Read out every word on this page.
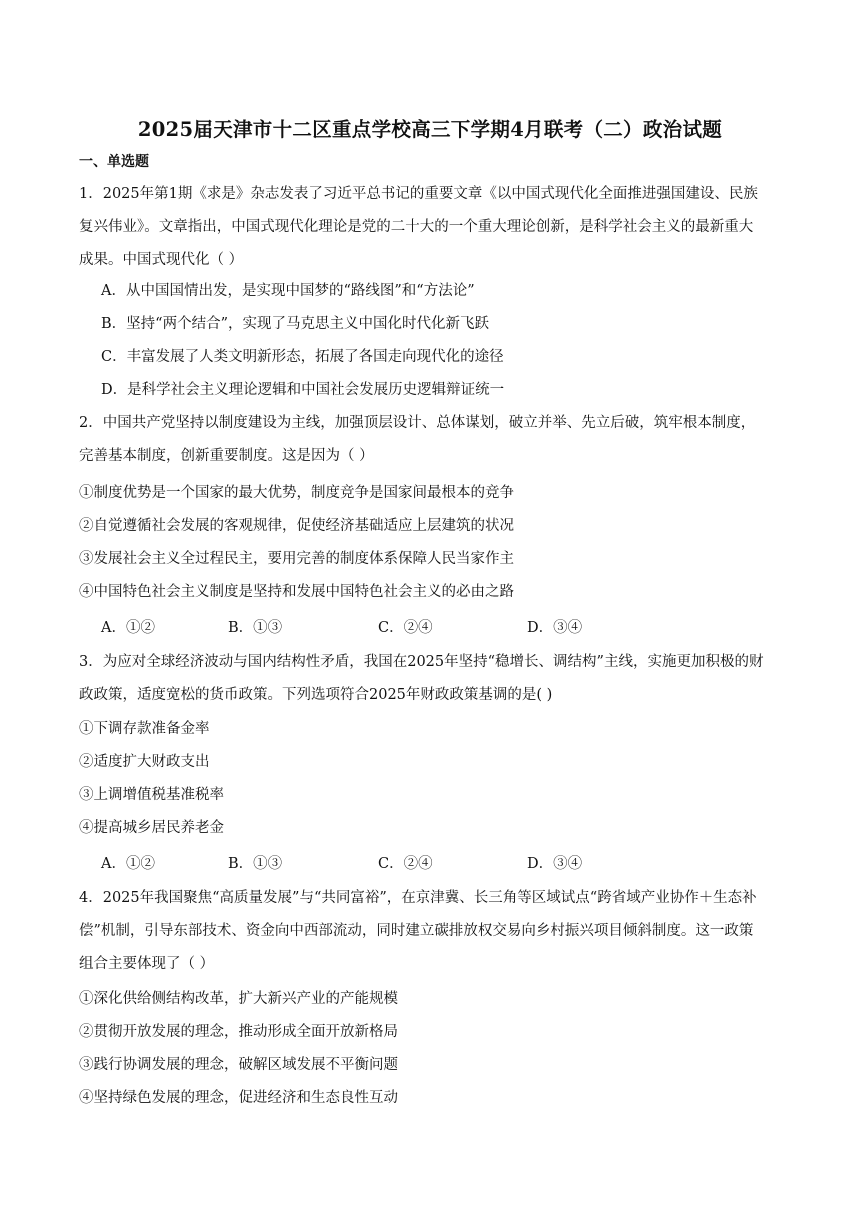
2025届天津市十二区重点学校高三下学期4月联考（二）政治试题
一、单选题
1．2025年第1期《求是》杂志发表了习近平总书记的重要文章《以中国式现代化全面推进强国建设、民族
复兴伟业》。文章指出，中国式现代化理论是党的二十大的一个重大理论创新，是科学社会主义的最新重大
成果。中国式现代化（ ）
A．从中国国情出发，是实现中国梦的“路线图”和“方法论”
B．坚持“两个结合”，实现了马克思主义中国化时代化新飞跃
C．丰富发展了人类文明新形态，拓展了各国走向现代化的途径
D．是科学社会主义理论逻辑和中国社会发展历史逻辑辩证统一
2．中国共产党坚持以制度建设为主线，加强顶层设计、总体谋划，破立并举、先立后破，筑牢根本制度，
完善基本制度，创新重要制度。这是因为（ ）
①制度优势是一个国家的最大优势，制度竞争是国家间最根本的竞争
②自觉遵循社会发展的客观规律，促使经济基础适应上层建筑的状况
③发展社会主义全过程民主，要用完善的制度体系保障人民当家作主
④中国特色社会主义制度是坚持和发展中国特色社会主义的必由之路
A．①②	B．①③	C．②④	D．③④
3．为应对全球经济波动与国内结构性矛盾，我国在2025年坚持“稳增长、调结构”主线，实施更加积极的财
政政策，适度宽松的货币政策。下列选项符合2025年财政政策基调的是( )
①下调存款准备金率
②适度扩大财政支出
③上调增值税基准税率
④提高城乡居民养老金
A．①②	B．①③	C．②④	D．③④
4．2025年我国聚焦“高质量发展”与“共同富裕”，在京津冀、长三角等区域试点“跨省域产业协作＋生态补
偿”机制，引导东部技术、资金向中西部流动，同时建立碳排放权交易向乡村振兴项目倾斜制度。这一政策
组合主要体现了（ ）
①深化供给侧结构改革，扩大新兴产业的产能规模
②贯彻开放发展的理念，推动形成全面开放新格局
③践行协调发展的理念，破解区域发展不平衡问题
④坚持绿色发展的理念，促进经济和生态良性互动
